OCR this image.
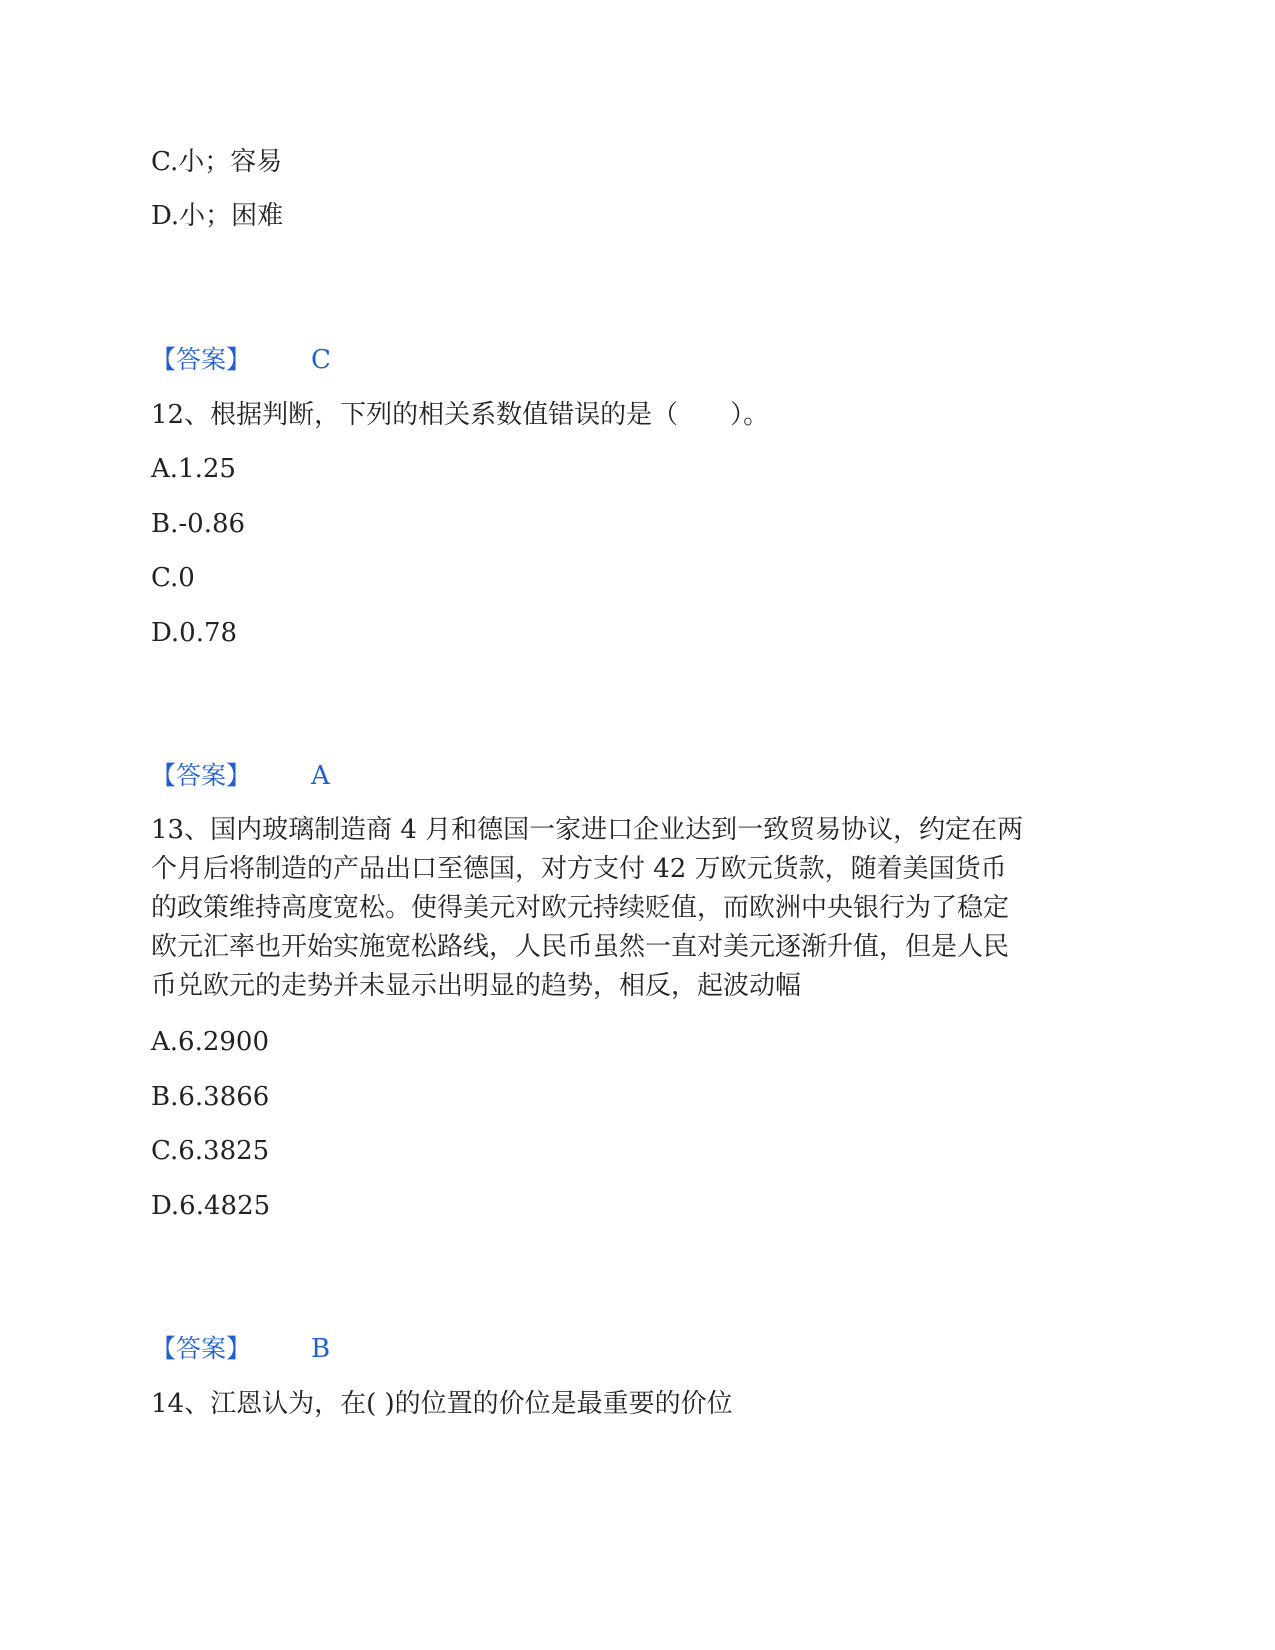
C.小；容易
D.小；困难
【答案】 C
12、根据判断，下列的相关系数值错误的是（　　）。
A.1.25
B.-0.86
C.0
D.0.78
【答案】 A
13、国内玻璃制造商 4 月和德国一家进口企业达到一致贸易协议，约定在两
个月后将制造的产品出口至德国，对方支付 42 万欧元货款，随着美国货币
的政策维持高度宽松。使得美元对欧元持续贬值，而欧洲中央银行为了稳定
欧元汇率也开始实施宽松路线，人民币虽然一直对美元逐渐升值，但是人民
币兑欧元的走势并未显示出明显的趋势，相反，起波动幅
A.6.2900
B.6.3866
C.6.3825
D.6.4825
【答案】 B
14、江恩认为，在( )的位置的价位是最重要的价位
